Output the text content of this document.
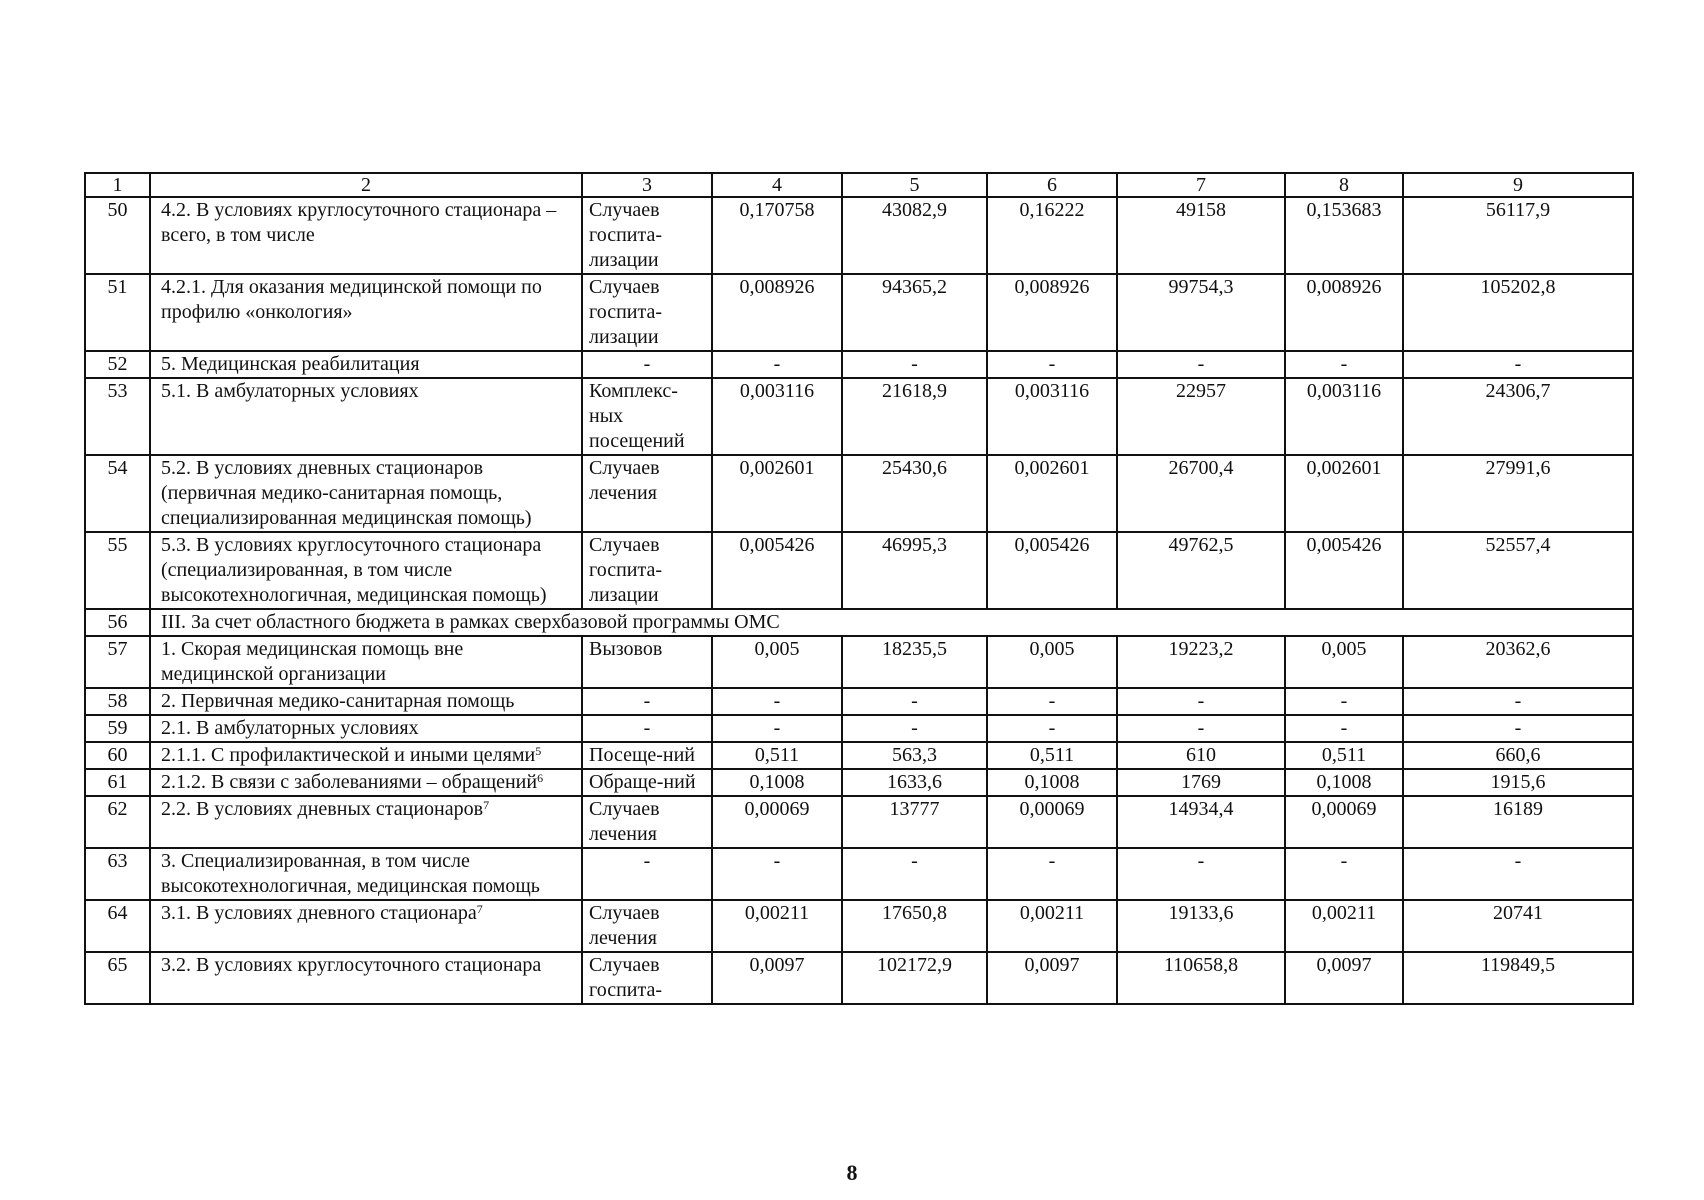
1	2	3	4	5	6	7	8	9
50	4.2. В условиях круглосуточного стационара – всего, в том числе	Случаев госпита-лизации	0,170758	43082,9	0,16222	49158	0,153683	56117,9
51	4.2.1. Для оказания медицинской помощи по профилю «онкология»	Случаев госпита-лизации	0,008926	94365,2	0,008926	99754,3	0,008926	105202,8
52	5. Медицинская реабилитация	-	-	-	-	-	-	-
53	5.1. В амбулаторных условиях	Комплекс-ных посещений	0,003116	21618,9	0,003116	22957	0,003116	24306,7
54	5.2. В условиях дневных стационаров (первичная медико-санитарная помощь, специализированная медицинская помощь)	Случаев лечения	0,002601	25430,6	0,002601	26700,4	0,002601	27991,6
55	5.3. В условиях круглосуточного стационара (специализированная, в том числе высокотехнологичная, медицинская помощь)	Случаев госпита-лизации	0,005426	46995,3	0,005426	49762,5	0,005426	52557,4
56	III. За счет областного бюджета в рамках сверхбазовой программы ОМС							
57	1. Скорая медицинская помощь вне медицинской организации	Вызовов	0,005	18235,5	0,005	19223,2	0,005	20362,6
58	2. Первичная медико-санитарная помощь	-	-	-	-	-	-	-
59	2.1. В амбулаторных условиях	-	-	-	-	-	-	-
60	2.1.1. С профилактической и иными целями$^5$	Посеще-ний	0,511	563,3	0,511	610	0,511	660,6
61	2.1.2. В связи с заболеваниями – обращений$^6$	Обраще-ний	0,1008	1633,6	0,1008	1769	0,1008	1915,6
62	2.2. В условиях дневных стационаров$^7$	Случаев лечения	0,00069	13777	0,00069	14934,4	0,00069	16189
63	3. Специализированная, в том числе высокотехнологичная, медицинская помощь	-	-	-	-	-	-	-
64	3.1. В условиях дневного стационара$^7$	Случаев лечения	0,00211	17650,8	0,00211	19133,6	0,00211	20741
65	3.2. В условиях круглосуточного стационара	Случаев госпита-	0,0097	102172,9	0,0097	110658,8	0,0097	119849,5
8
